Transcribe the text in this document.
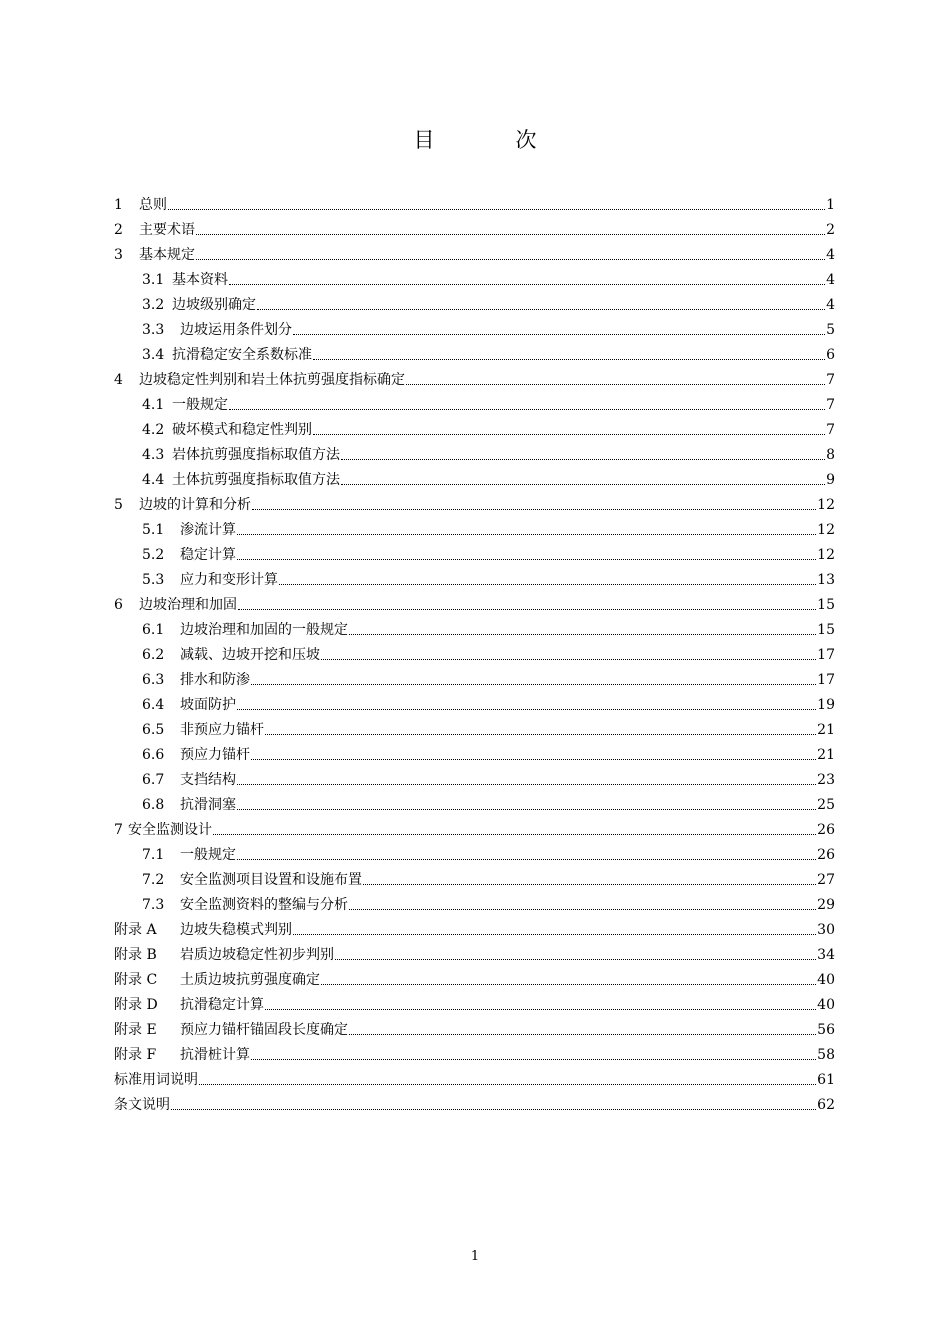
目　次
1 总则	1
2 主要术语	2
3 基本规定	4
3.1 基本资料	4
3.2 边坡级别确定	4
3.3 边坡运用条件划分	5
3.4 抗滑稳定安全系数标准	6
4 边坡稳定性判别和岩土体抗剪强度指标确定	7
4.1 一般规定	7
4.2 破坏模式和稳定性判别	7
4.3 岩体抗剪强度指标取值方法	8
4.4 土体抗剪强度指标取值方法	9
5 边坡的计算和分析	12
5.1 渗流计算	12
5.2 稳定计算	12
5.3 应力和变形计算	13
6 边坡治理和加固	15
6.1 边坡治理和加固的一般规定	15
6.2 减载、边坡开挖和压坡	17
6.3 排水和防渗	17
6.4 坡面防护	19
6.5 非预应力锚杆	21
6.6 预应力锚杆	21
6.7 支挡结构	23
6.8 抗滑洞塞	25
7 安全监测设计	26
7.1 一般规定	26
7.2 安全监测项目设置和设施布置	27
7.3 安全监测资料的整编与分析	29
附录 A 边坡失稳模式判别	30
附录 B 岩质边坡稳定性初步判别	34
附录 C 土质边坡抗剪强度确定	40
附录 D 抗滑稳定计算	40
附录 E 预应力锚杆锚固段长度确定	56
附录 F 抗滑桩计算	58
标准用词说明	61
条文说明	62
1
